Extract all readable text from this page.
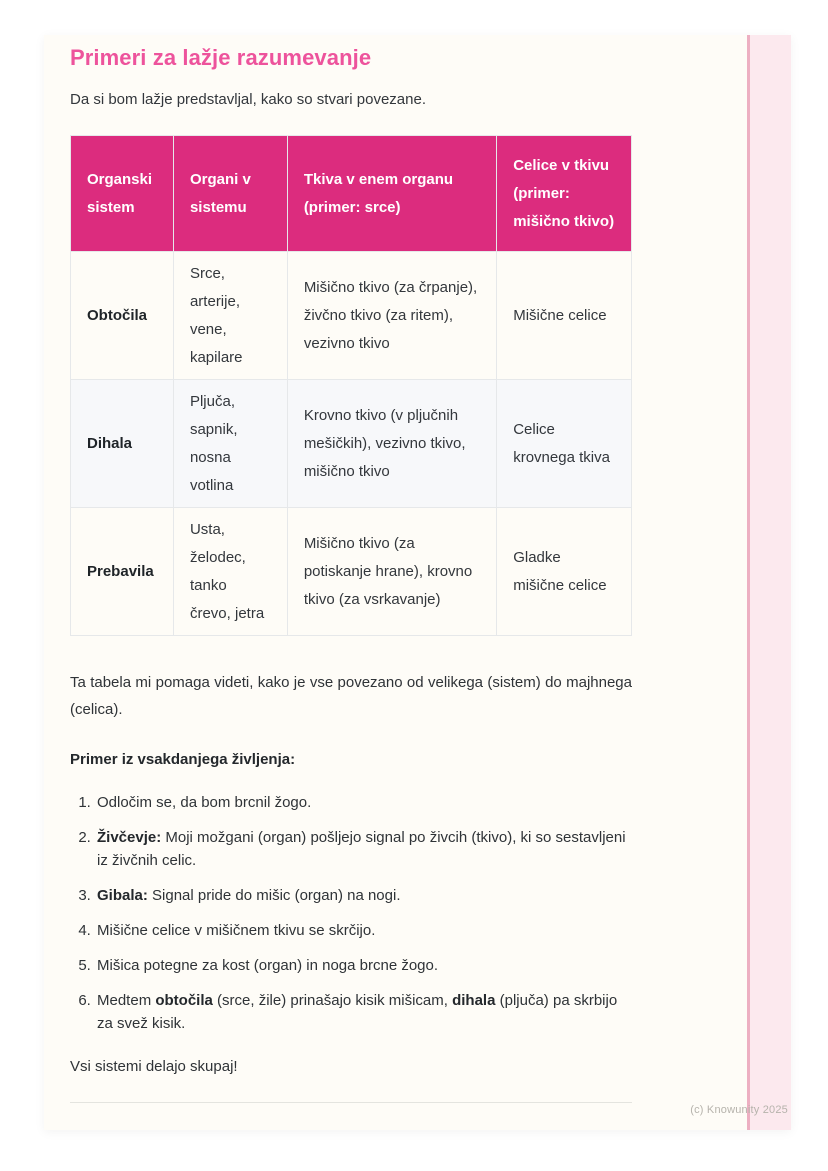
Primeri za lažje razumevanje

Da si bom lažje predstavljal, kako so stvari povezane.

Organski sistem	Organi v sistemu	Tkiva v enem organu (primer: srce)	Celice v tkivu (primer: mišično tkivo)
Obtočila	Srce, arterije, vene, kapilare	Mišično tkivo (za črpanje), živčno tkivo (za ritem), vezivno tkivo	Mišične celice
Dihala	Pljuča, sapnik, nosna votlina	Krovno tkivo (v pljučnih mešičkih), vezivno tkivo, mišično tkivo	Celice krovnega tkiva
Prebavila	Usta, želodec, tanko črevo, jetra	Mišično tkivo (za potiskanje hrane), krovno tkivo (za vsrkavanje)	Gladke mišične celice

Ta tabela mi pomaga videti, kako je vse povezano od velikega (sistem) do majhnega (celica).

Primer iz vsakdanjega življenja:

1. Odločim se, da bom brcnil žogo.
2. Živčevje: Moji možgani (organ) pošljejo signal po živcih (tkivo), ki so sestavljeni iz živčnih celic.
3. Gibala: Signal pride do mišic (organ) na nogi.
4. Mišične celice v mišičnem tkivu se skrčijo.
5. Mišica potegne za kost (organ) in noga brcne žogo.
6. Medtem obtočila (srce, žile) prinašajo kisik mišicam, dihala (pljuča) pa skrbijo za svež kisik.

Vsi sistemi delajo skupaj!

(c) Knowunity 2025
